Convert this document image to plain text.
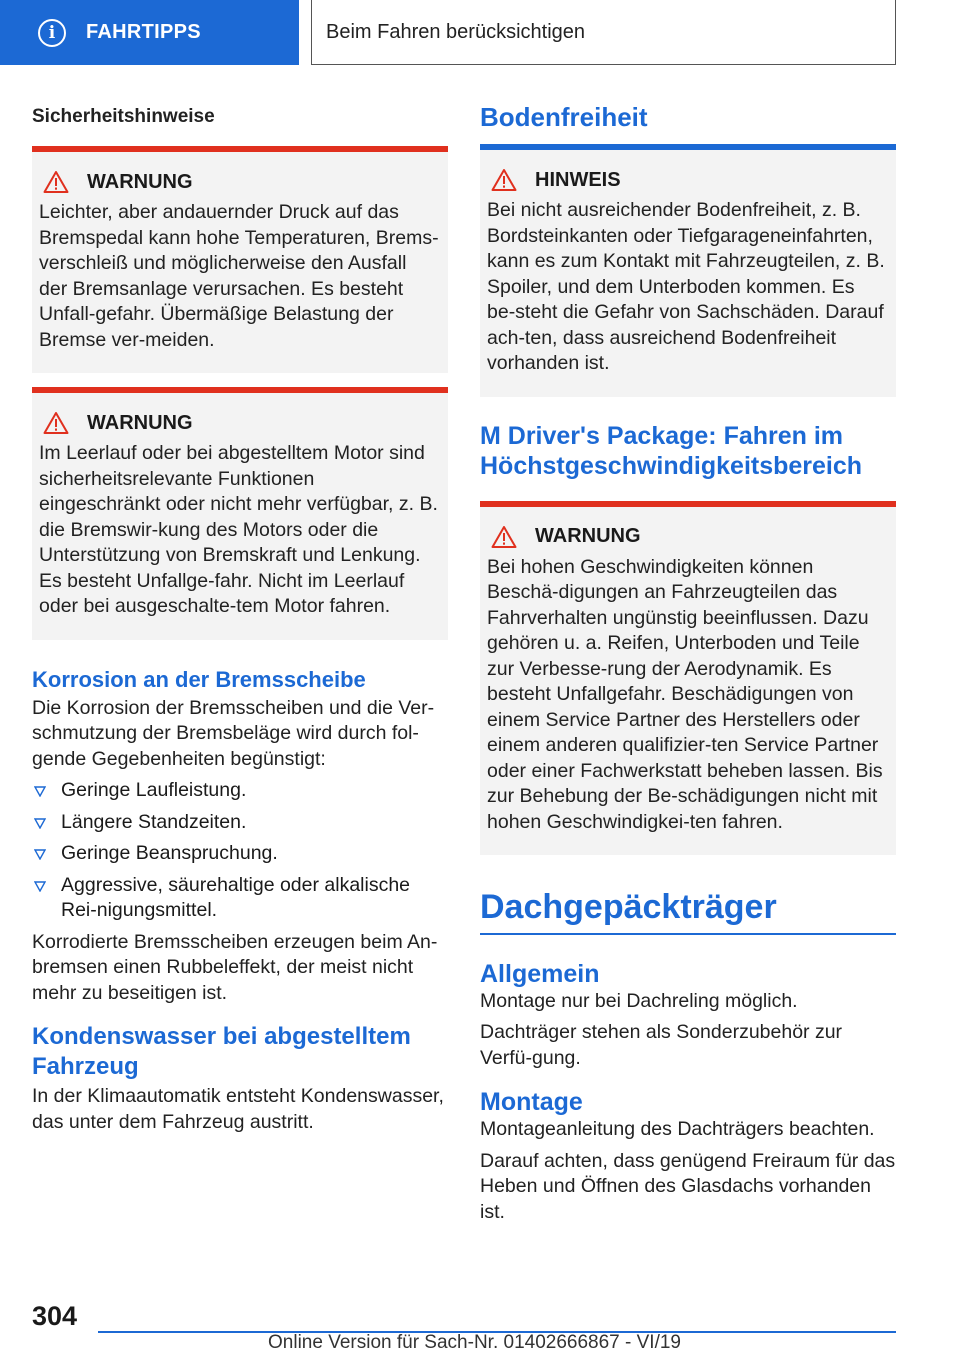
i	FAHRTIPPS	Beim Fahren berücksichtigen
Sicherheitshinweise
WARNUNG
Leichter, aber andauernder Druck auf das Bremspedal kann hohe Temperaturen, Brems-verschleiß und möglicherweise den Ausfall der Bremsanlage verursachen. Es besteht Unfall-gefahr. Übermäßige Belastung der Bremse ver-meiden.
WARNUNG
Im Leerlauf oder bei abgestelltem Motor sind sicherheitsrelevante Funktionen eingeschränkt oder nicht mehr verfügbar, z. B. die Bremswir-kung des Motors oder die Unterstützung von Bremskraft und Lenkung. Es besteht Unfallge-fahr. Nicht im Leerlauf oder bei ausgeschalte-tem Motor fahren.
Korrosion an der Bremsscheibe
Die Korrosion der Bremsscheiben und die Ver-schmutzung der Bremsbeläge wird durch fol-gende Gegebenheiten begünstigt:
Geringe Laufleistung.
Längere Standzeiten.
Geringe Beanspruchung.
Aggressive, säurehaltige oder alkalische Rei-nigungsmittel.
Korrodierte Bremsscheiben erzeugen beim An-bremsen einen Rubbeleffekt, der meist nicht mehr zu beseitigen ist.
Kondenswasser bei abgestelltem Fahrzeug
In der Klimaautomatik entsteht Kondenswasser, das unter dem Fahrzeug austritt.
Bodenfreiheit
HINWEIS
Bei nicht ausreichender Bodenfreiheit, z. B. Bordsteinkanten oder Tiefgarageneinfahrten, kann es zum Kontakt mit Fahrzeugteilen, z. B. Spoiler, und dem Unterboden kommen. Es be-steht die Gefahr von Sachschäden. Darauf ach-ten, dass ausreichend Bodenfreiheit vorhanden ist.
M Driver's Package: Fahren im Höchstgeschwindigkeitsbereich
WARNUNG
Bei hohen Geschwindigkeiten können Beschä-digungen an Fahrzeugteilen das Fahrverhalten ungünstig beeinflussen. Dazu gehören u. a. Reifen, Unterboden und Teile zur Verbesse-rung der Aerodynamik. Es besteht Unfallgefahr. Beschädigungen von einem Service Partner des Herstellers oder einem anderen qualifizier-ten Service Partner oder einer Fachwerkstatt beheben lassen. Bis zur Behebung der Be-schädigungen nicht mit hohen Geschwindigkei-ten fahren.
Dachgepäckträger
Allgemein
Montage nur bei Dachreling möglich.
Dachträger stehen als Sonderzubehör zur Verfü-gung.
Montage
Montageanleitung des Dachträgers beachten.
Darauf achten, dass genügend Freiraum für das Heben und Öffnen des Glasdachs vorhanden ist.
304
Online Version für Sach-Nr. 01402666867 - VI/19
